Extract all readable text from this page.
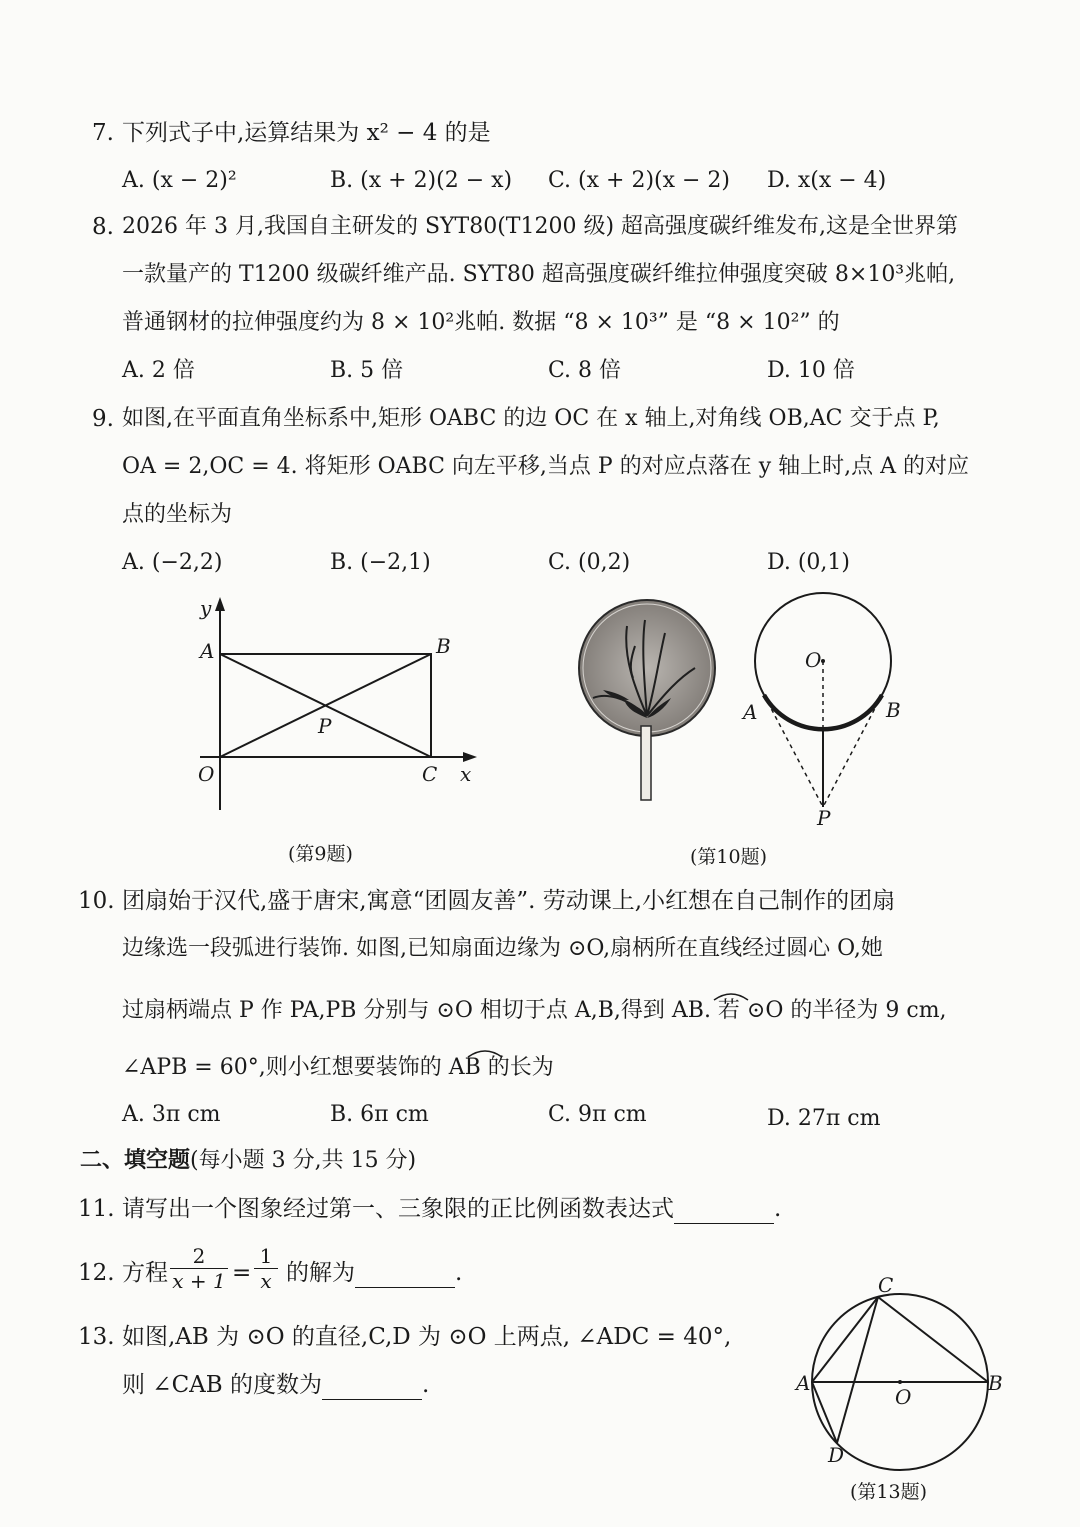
7. 下列式子中,运算结果为 x² − 4 的是
A. (x − 2)²	B. (x + 2)(2 − x) C. (x + 2)(x − 2) D. x(x − 4)
8. 2026 年 3 月,我国自主研发的 SYT80(T1200 级) 超高强度碳纤维发布,这是全世界第
一款量产的 T1200 级碳纤维产品. SYT80 超高强度碳纤维拉伸强度突破 8×10³兆帕,
普通钢材的拉伸强度约为 8 × 10²兆帕. 数据 “8 × 10³” 是 “8 × 10²” 的
A. 2 倍	B. 5 倍	C. 8 倍	D. 10 倍
9. 如图,在平面直角坐标系中,矩形 OABC 的边 OC 在 x 轴上,对角线 OB,AC 交于点 P,
OA = 2,OC = 4. 将矩形 OABC 向左平移,当点 P 的对应点落在 y 轴上时,点 A 的对应
点的坐标为
A. (−2,2)	B. (−2,1)	C. (0,2)	D. (0,1)
y
A	B
P
O	C x
(第9题)
O
A	B
P
(第10题)
10. 团扇始于汉代,盛于唐宋,寓意“团圆友善”. 劳动课上,小红想在自己制作的团扇
边缘选一段弧进行装饰. 如图,已知扇面边缘为 ⊙O,扇柄所在直线经过圆心 O,她
过扇柄端点 P 作 PA,PB 分别与 ⊙O 相切于点 A,B,得到 AB. 若 ⊙O 的半径为 9 cm,
∠APB = 60°,则小红想要装饰的 AB 的长为
A. 3π cm	B. 6π cm	C. 9π cm	D. 27π cm
二、填空题(每小题 3 分,共 15 分)
11. 请写出一个图象经过第一、三象限的正比例函数表达式	.
12. 方程 $\frac{2}{x + 1} = \frac{1}{x}$ 的解为	.
13. 如图,AB 为 ⊙O 的直径,C,D 为 ⊙O 上两点, ∠ADC = 40°,
则 ∠CAB 的度数为	.
C
A
O
B
D
(第13题)
